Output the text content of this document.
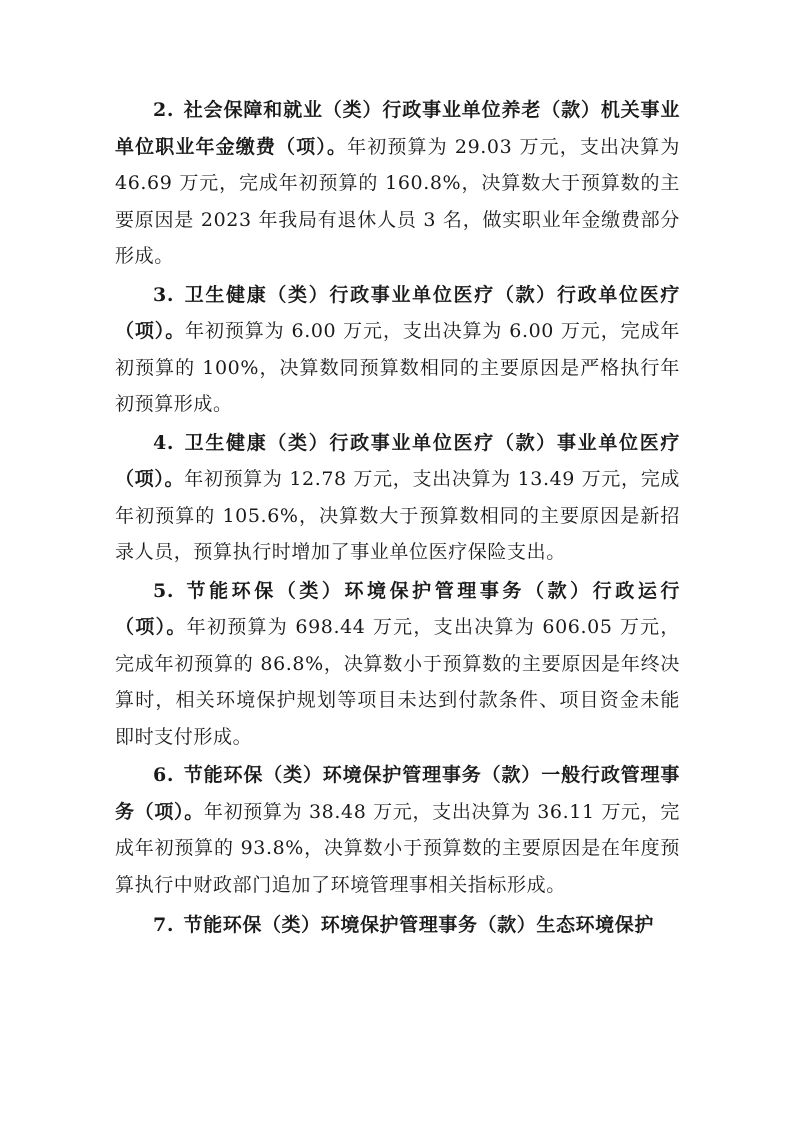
2. 社会保障和就业（类）行政事业单位养老（款）机关事业单位职业年金缴费（项）。年初预算为 29.03 万元，支出决算为 46.69 万元，完成年初预算的 160.8%，决算数大于预算数的主要原因是 2023 年我局有退休人员 3 名，做实职业年金缴费部分形成。

3. 卫生健康（类）行政事业单位医疗（款）行政单位医疗（项）。年初预算为 6.00 万元，支出决算为 6.00 万元，完成年初预算的 100%，决算数同预算数相同的主要原因是严格执行年初预算形成。

4. 卫生健康（类）行政事业单位医疗（款）事业单位医疗（项）。年初预算为 12.78 万元，支出决算为 13.49 万元，完成年初预算的 105.6%，决算数大于预算数相同的主要原因是新招录人员，预算执行时增加了事业单位医疗保险支出。

5. 节能环保（类）环境保护管理事务（款）行政运行（项）。年初预算为 698.44 万元，支出决算为 606.05 万元，完成年初预算的 86.8%，决算数小于预算数的主要原因是年终决算时，相关环境保护规划等项目未达到付款条件、项目资金未能即时支付形成。

6. 节能环保（类）环境保护管理事务（款）一般行政管理事务（项）。年初预算为 38.48 万元，支出决算为 36.11 万元，完成年初预算的 93.8%，决算数小于预算数的主要原因是在年度预算执行中财政部门追加了环境管理事相关指标形成。

7. 节能环保（类）环境保护管理事务（款）生态环境保护
